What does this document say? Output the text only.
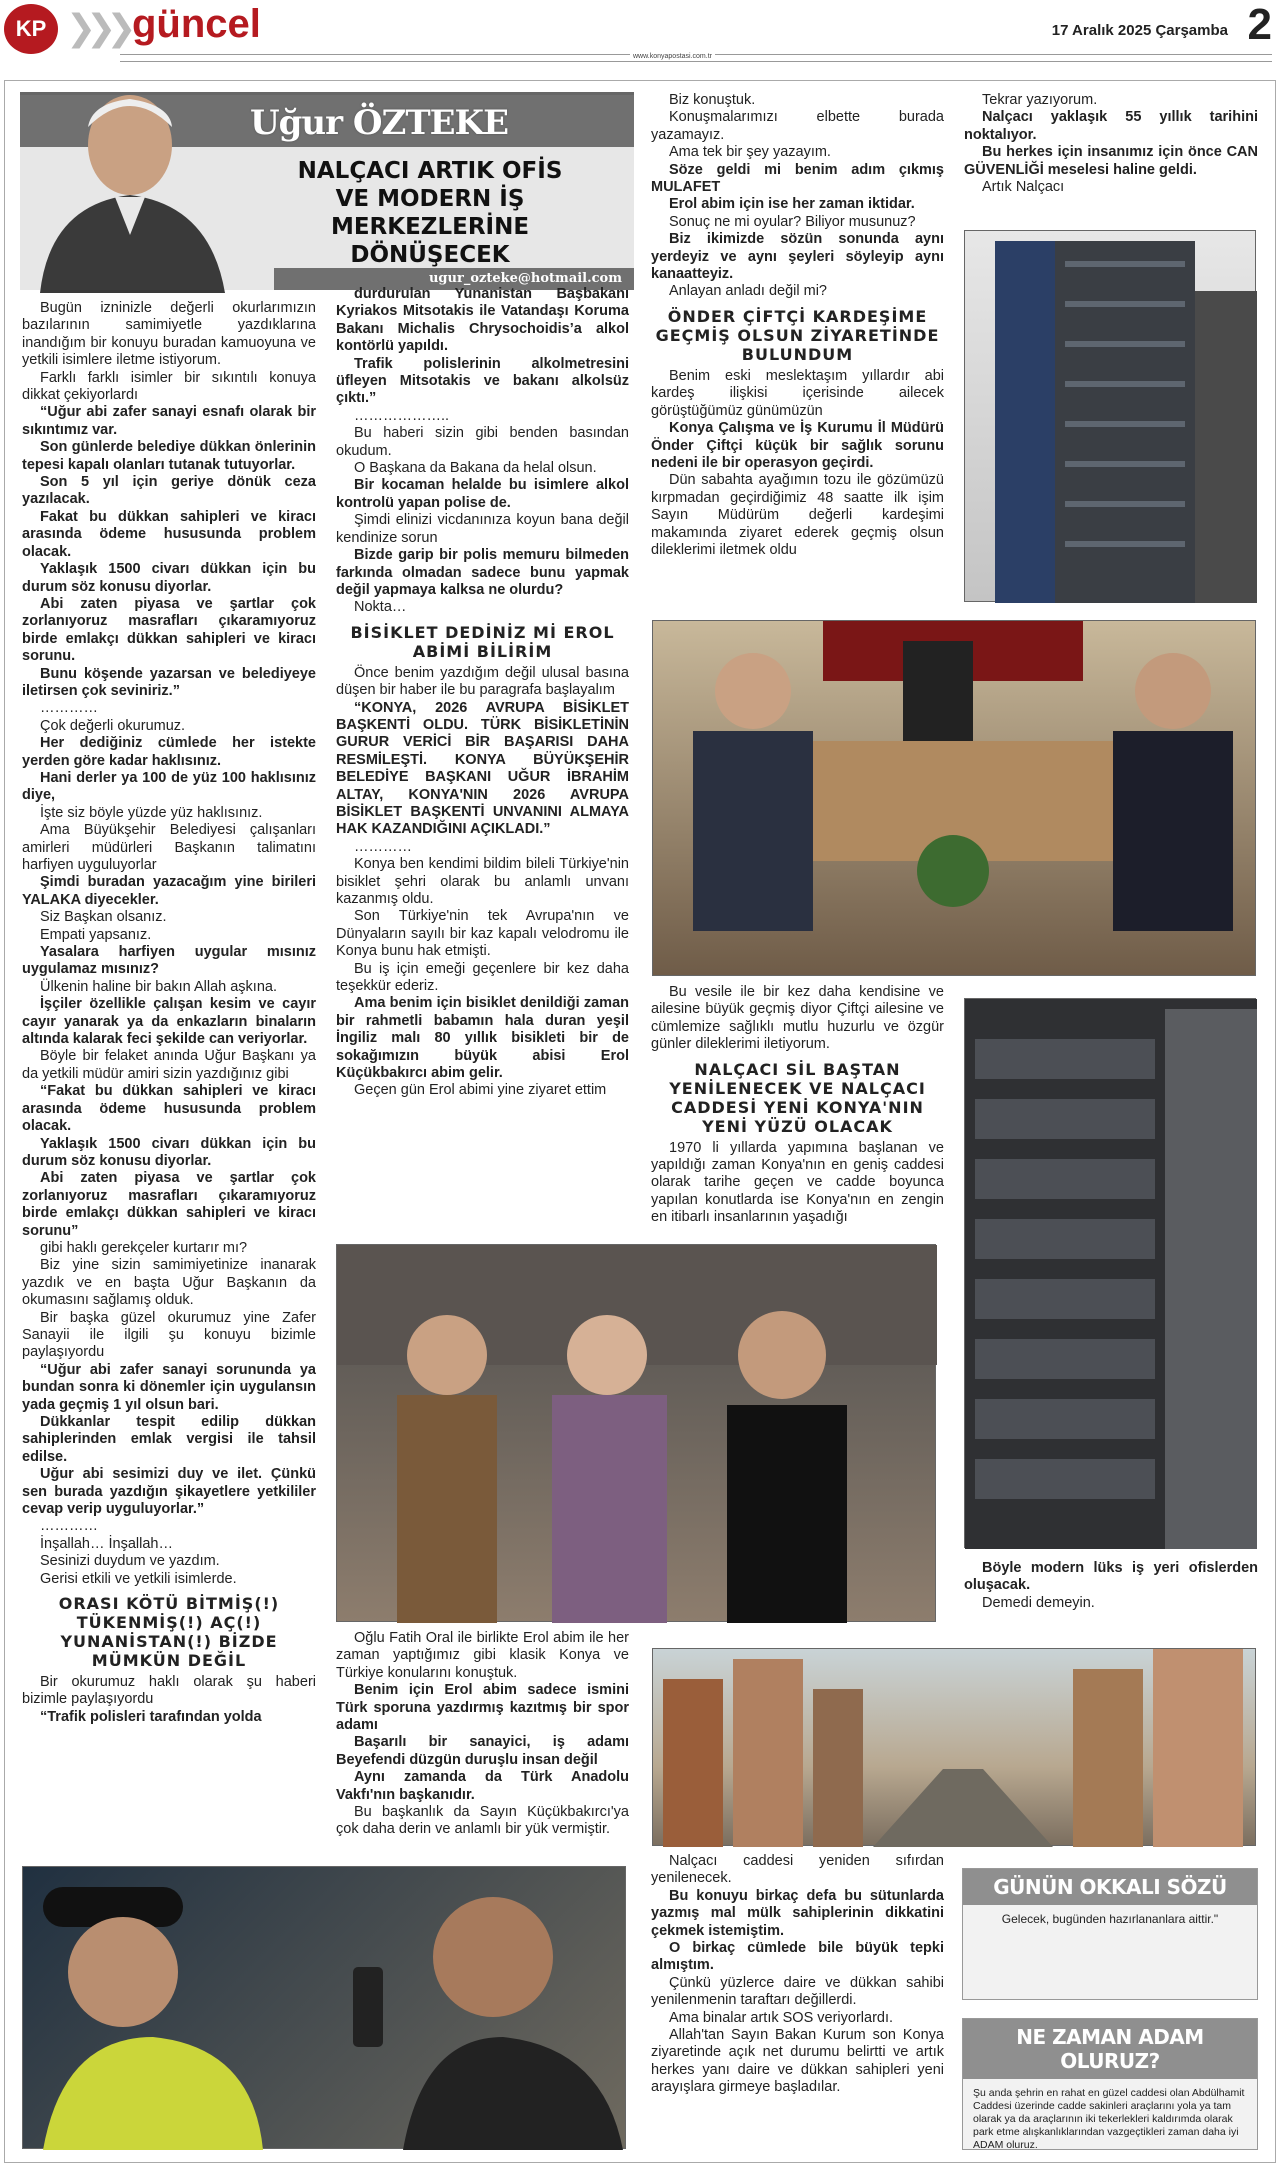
KP ❯❯❯ güncel	17 Aralık 2025 Çarşamba 2
www.konyapostasi.com.tr
Uğur ÖZTEKE
NALÇACI ARTIK OFİS VE MODERN İŞ MERKEZLERİNE DÖNÜŞECEK
ugur_ozteke@hotmail.com

Bugün izninizle değerli okurlarımızın bazılarının samimiyetle yazdıklarına inandığım bir konuyu buradan kamuoyuna ve yetkili isimlere iletme istiyorum.

Farklı farklı isimler bir sıkıntılı konuya dikkat çekiyorlardı

“Uğur abi zafer sanayi esnafı olarak bir sıkıntımız var.
Son günlerde belediye dükkan önlerinin tepesi kapalı olanları tutanak tutuyorlar.
Son 5 yıl için geriye dönük ceza yazılacak.
Fakat bu dükkan sahipleri ve kiracı arasında ödeme hususunda problem olacak.
Yaklaşık 1500 civarı dükkan için bu durum söz konusu diyorlar.
Abi zaten piyasa ve şartlar çok zorlanıyoruz masrafları çıkaramıyoruz birde emlakçı dükkan sahipleri ve kiracı sorunu.
Bunu köşende yazarsan ve belediyeye iletirsen çok seviniriz.”

…………

Çok değerli okurumuz.

Her dediğiniz cümlede her istekte yerden göre kadar haklısınız.
Hani derler ya 100 de yüz 100 haklısınız diye,

İşte siz böyle yüzde yüz haklısınız.

Ama Büyükşehir Belediyesi çalışanları amirleri müdürleri Başkanın talimatını harfiyen uyguluyorlar

Şimdi buradan yazacağım yine birileri YALAKA diyecekler.

Siz Başkan olsanız.

Empati yapsanız.

Yasalara harfiyen uygular mısınız uygulamaz mısınız?

Ülkenin haline bir bakın Allah aşkına.

İşçiler özellikle çalışan kesim ve cayır cayır yanarak ya da enkazların binaların altında kalarak feci şekilde can veriyorlar.

Böyle bir felaket anında Uğur Başkanı ya da yetkili müdür amiri sizin yazdığınız gibi

“Fakat bu dükkan sahipleri ve kiracı arasında ödeme hususunda problem olacak.
Yaklaşık 1500 civarı dükkan için bu durum söz konusu diyorlar.
Abi zaten piyasa ve şartlar çok zorlanıyoruz masrafları çıkaramıyoruz birde emlakçı dükkan sahipleri ve kiracı sorunu”

gibi haklı gerekçeler kurtarır mı?

Biz yine sizin samimiyetinize inanarak yazdık ve en başta Uğur Başkanın da okumasını sağlamış olduk.

Bir başka güzel okurumuz yine Zafer Sanayii ile ilgili şu konuyu bizimle paylaşıyordu

“Uğur abi zafer sanayi sorununda ya bundan sonra ki dönemler için uygulansın yada geçmiş 1 yıl olsun bari.
Dükkanlar tespit edilip dükkan sahiplerinden emlak vergisi ile tahsil edilse.
Uğur abi sesimizi duy ve ilet. Çünkü sen burada yazdığın şikayetlere yetkililer cevap verip uyguluyorlar.”

…………

İnşallah… İnşallah…

Sesinizi duydum ve yazdım.

Gerisi etkili ve yetkili isimlerde.

ORASI KÖTÜ BİTMİŞ(!) TÜKENMİŞ(!) AÇ(!) YUNANİSTAN(!) BİZDE MÜMKÜN DEĞİL

Bir okurumuz haklı olarak şu haberi bizimle paylaşıyordu

“Trafik polisleri tarafından yolda
durdurulan Yunanistan Başbakanı Kyriakos Mitsotakis ile Vatandaşı Koruma Bakanı Michalis Chrysochoidis’a alkol kontörlü yapıldı.
Trafik polislerinin alkolmetresini üfleyen Mitsotakis ve bakanı alkolsüz çıktı.”

………………..

Bu haberi sizin gibi benden basından okudum.

O Başkana da Bakana da helal olsun.

Bir kocaman helalde bu isimlere alkol kontrolü yapan polise de.

Şimdi elinizi vicdanınıza koyun bana değil kendinize sorun

Bizde garip bir polis memuru bilmeden farkında olmadan sadece bunu yapmak değil yapmaya kalksa ne olurdu?

Nokta…

BİSİKLET DEDİNİZ Mİ EROL ABİMİ BİLİRİM

Önce benim yazdığım değil ulusal basına düşen bir haber ile bu paragrafa başlayalım

“KONYA, 2026 AVRUPA BİSİKLET BAŞKENTİ OLDU. TÜRK BİSİKLETİNİN GURUR VERİCİ BİR BAŞARISI DAHA RESMİLEŞTİ. KONYA BÜYÜKŞEHİR BELEDİYE BAŞKANI UĞUR İBRAHİM ALTAY, KONYA'NIN 2026 AVRUPA BİSİKLET BAŞKENTİ UNVANINI ALMAYA HAK KAZANDIĞINI AÇIKLADI.”

…………

Konya ben kendimi bildim bileli Türkiye'nin bisiklet şehri olarak bu anlamlı unvanı kazanmış oldu.

Son Türkiye'nin tek Avrupa'nın ve Dünyaların sayılı bir kaz kapalı velodromu ile Konya bunu hak etmişti.

Bu iş için emeği geçenlere bir kez daha teşekkür ederiz.

Ama benim için bisiklet denildiği zaman bir rahmetli babamın hala duran yeşil İngiliz malı 80 yıllık bisikleti bir de sokağımızın büyük abisi Erol Küçükbakırcı abim gelir.

Geçen gün Erol abimi yine ziyaret ettim

Oğlu Fatih Oral ile birlikte Erol abim ile her zaman yaptığımız gibi klasik Konya ve Türkiye konularını konuştuk.

Benim için Erol abim sadece ismini Türk sporuna yazdırmış kazıtmış bir spor adamı
Başarılı bir sanayici, iş adamı Beyefendi düzgün duruşlu insan değil
Aynı zamanda da Türk Anadolu Vakfı'nın başkanıdır.

Bu başkanlık da Sayın Küçükbakırcı'ya çok daha derin ve anlamlı bir yük vermiştir.

Biz konuştuk.

Konuşmalarımızı elbette burada yazamayız.

Ama tek bir şey yazayım.

Söze geldi mi benim adım çıkmış MULAFET
Erol abim için ise her zaman iktidar.

Sonuç ne mi oyular? Biliyor musunuz?

Biz ikimizde sözün sonunda aynı yerdeyiz ve aynı şeyleri söyleyip aynı kanaatteyiz.

Anlayan anladı değil mi?

ÖNDER ÇİFTÇİ KARDEŞİME GEÇMİŞ OLSUN ZİYARETİNDE BULUNDUM

Benim eski meslektaşım yıllardır abi kardeş ilişkisi içerisinde ailecek görüştüğümüz günümüzün

Konya Çalışma ve İş Kurumu İl Müdürü Önder Çiftçi küçük bir sağlık sorunu nedeni ile bir operasyon geçirdi.

Dün sabahta ayağımın tozu ile gözümüzü kırpmadan geçirdiğimiz 48 saatte ilk işim Sayın Müdürüm değerli kardeşimi makamında ziyaret ederek geçmiş olsun dileklerimi iletmek oldu

Bu vesile ile bir kez daha kendisine ve ailesine büyük geçmiş diyor Çiftçi ailesine ve cümlemize sağlıklı mutlu huzurlu ve özgür günler dileklerimi iletiyorum.

NALÇACI SİL BAŞTAN YENİLENECEK VE NALÇACI CADDESİ YENİ KONYA'NIN YENİ YÜZÜ OLACAK

1970 li yıllarda yapımına başlanan ve yapıldığı zaman Konya'nın en geniş caddesi olarak tarihe geçen ve cadde boyunca yapılan konutlarda ise Konya'nın en zengin en itibarlı insanlarının yaşadığı

Nalçacı caddesi yeniden sıfırdan yenilenecek.

Bu konuyu birkaç defa bu sütunlarda yazmış mal mülk sahiplerinin dikkatini çekmek istemiştim.
O birkaç cümlede bile büyük tepki almıştım.

Çünkü yüzlerce daire ve dükkan sahibi yenilenmenin taraftarı değillerdi.

Ama binalar artık SOS veriyorlardı.

Allah'tan Sayın Bakan Kurum son Konya ziyaretinde açık net durumu belirtti ve artık herkes yanı daire ve dükkan sahipleri yeni arayışlara girmeye başladılar.

Tekrar yazıyorum.

Nalçacı yaklaşık 55 yıllık tarihini noktalıyor.
Bu herkes için insanımız için önce CAN GÜVENLİĞİ meselesi haline geldi.

Artık Nalçacı

Böyle modern lüks iş yeri ofislerden oluşacak.

Demedi demeyin.

GÜNÜN OKKALI SÖZÜ
Gelecek, bugünden hazırlananlara aittir."
NE ZAMAN ADAM OLURUZ?
Şu anda şehrin en rahat en güzel caddesi olan Abdülhamit Caddesi üzerinde cadde sakinleri araçlarını yola ya tam olarak ya da araçlarının iki tekerlekleri kaldırımda olarak park etme alışkanlıklarından vazgeçtikleri zaman daha iyi ADAM oluruz.
